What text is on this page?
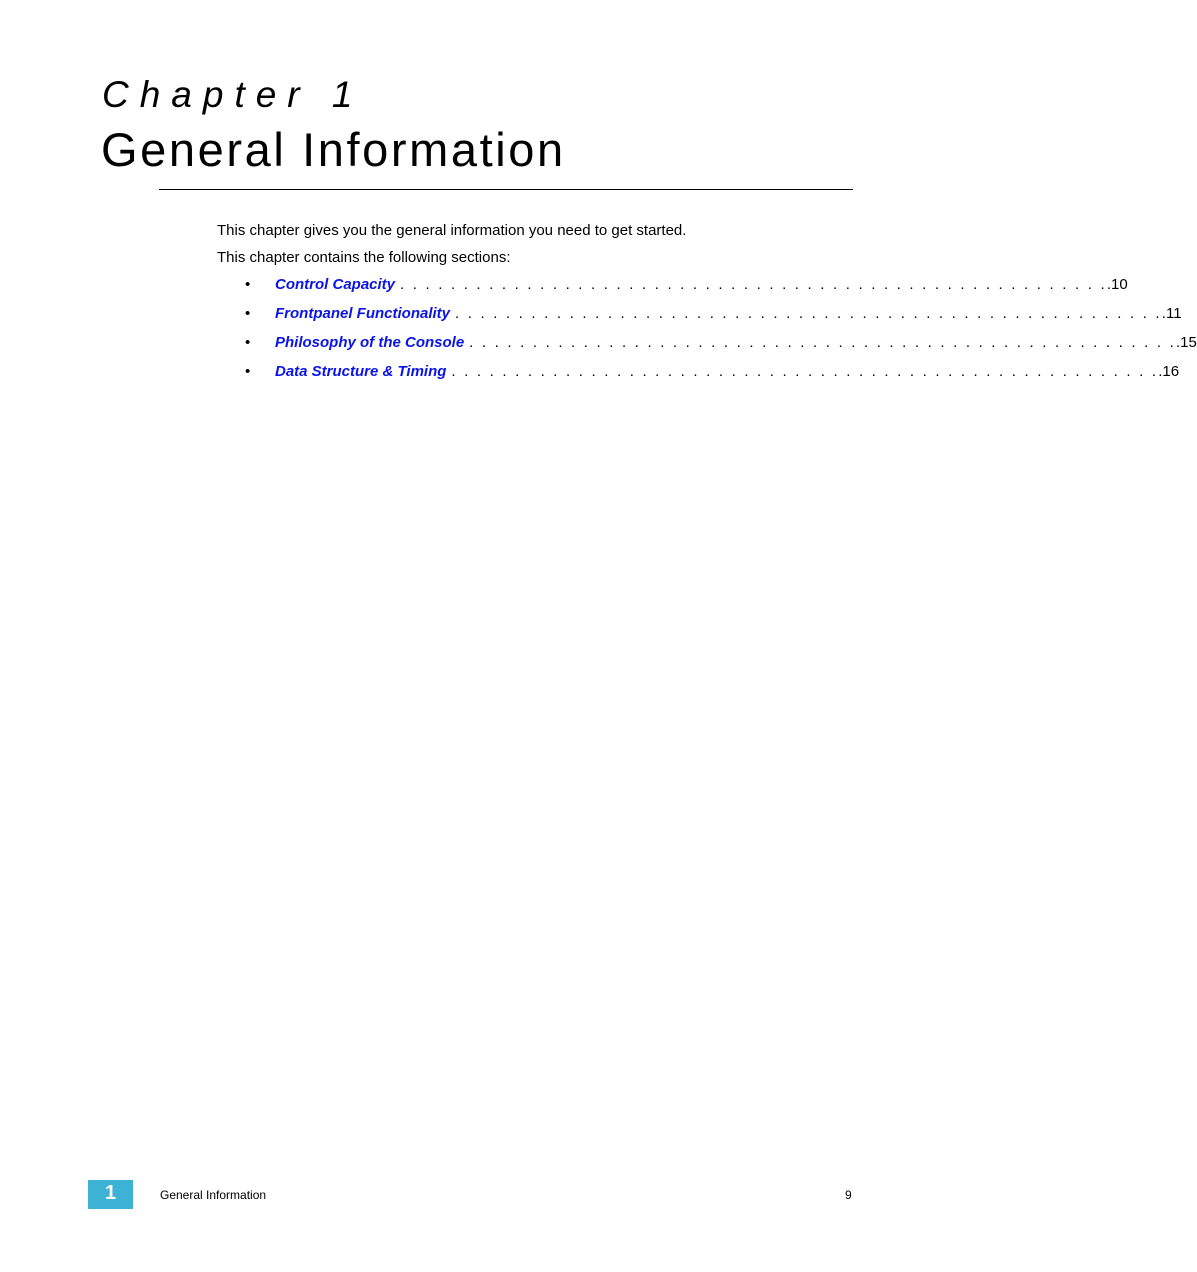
Chapter 1
General Information
This chapter gives you the general information you need to get started.
This chapter contains the following sections:
•	Control Capacity . . . . . . . . . . . . . . . . . . . . . . . . . . . . . . . . . . . . . . . . . . . . . . . . . . . . . . . . .10
•	Frontpanel Functionality . . . . . . . . . . . . . . . . . . . . . . . . . . . . . . . . . . . . . . . . . . . . . . . . . . . . . . . . .11
•	Philosophy of the Console . . . . . . . . . . . . . . . . . . . . . . . . . . . . . . . . . . . . . . . . . . . . . . . . . . . . . . . . .15
•	Data Structure & Timing . . . . . . . . . . . . . . . . . . . . . . . . . . . . . . . . . . . . . . . . . . . . . . . . . . . . . . . . .16
1	General Information	9
